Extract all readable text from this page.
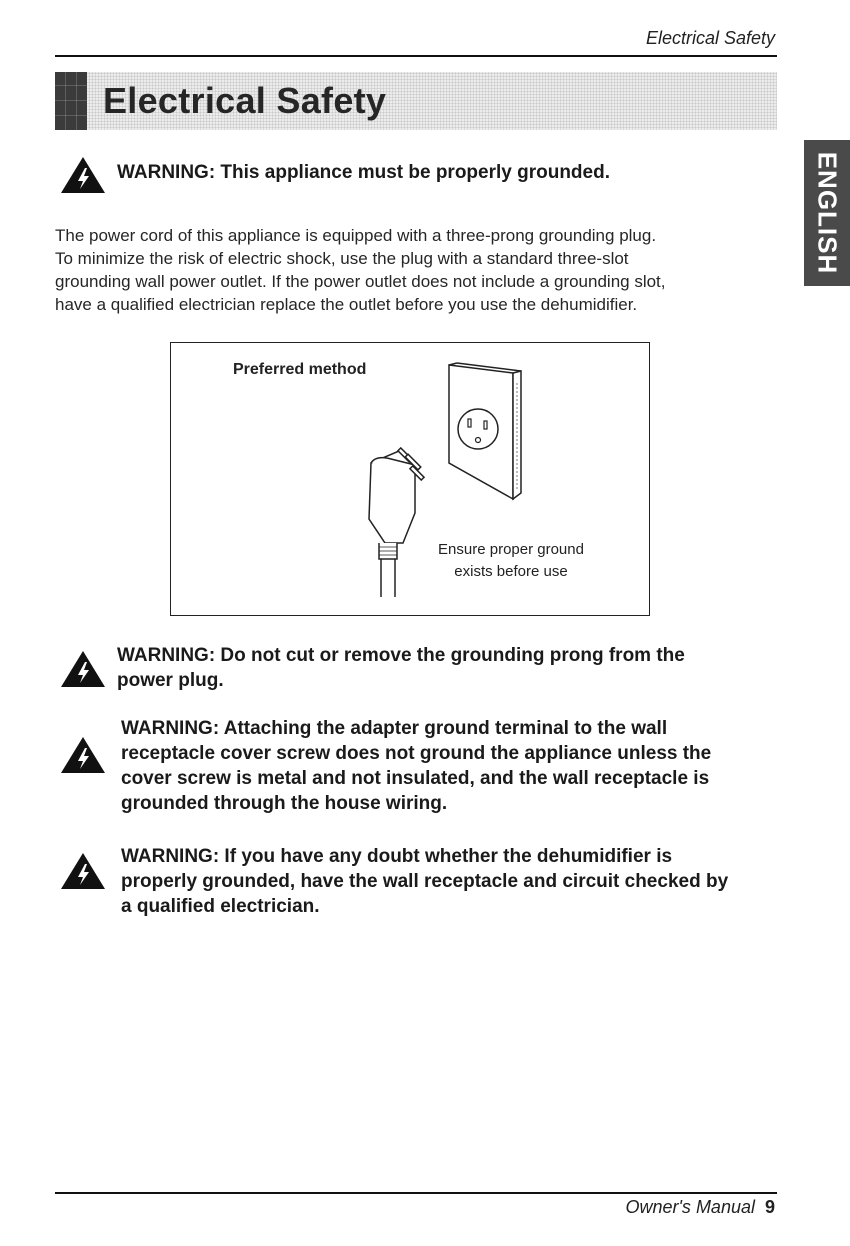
Electrical Safety
Electrical Safety
ENGLISH
WARNING: This appliance must be properly grounded.
The power cord of this appliance is equipped with a three-prong grounding plug.
To minimize the risk of electric shock, use the plug with a standard three-slot
grounding wall power outlet. If the power outlet does not include a grounding slot,
have a qualified electrician replace the outlet before you use the dehumidifier.
Preferred method
Ensure proper ground
exists before use
WARNING: Do not cut or remove the grounding prong from the
power plug.
WARNING: Attaching the adapter ground terminal to the wall
receptacle cover screw does not ground the appliance unless the
cover screw is metal and not insulated, and the wall receptacle is
grounded through the house wiring.
WARNING: If you have any doubt whether the dehumidifier is
properly grounded, have the wall receptacle and circuit checked by
a qualified electrician.
Owner's Manual 9
